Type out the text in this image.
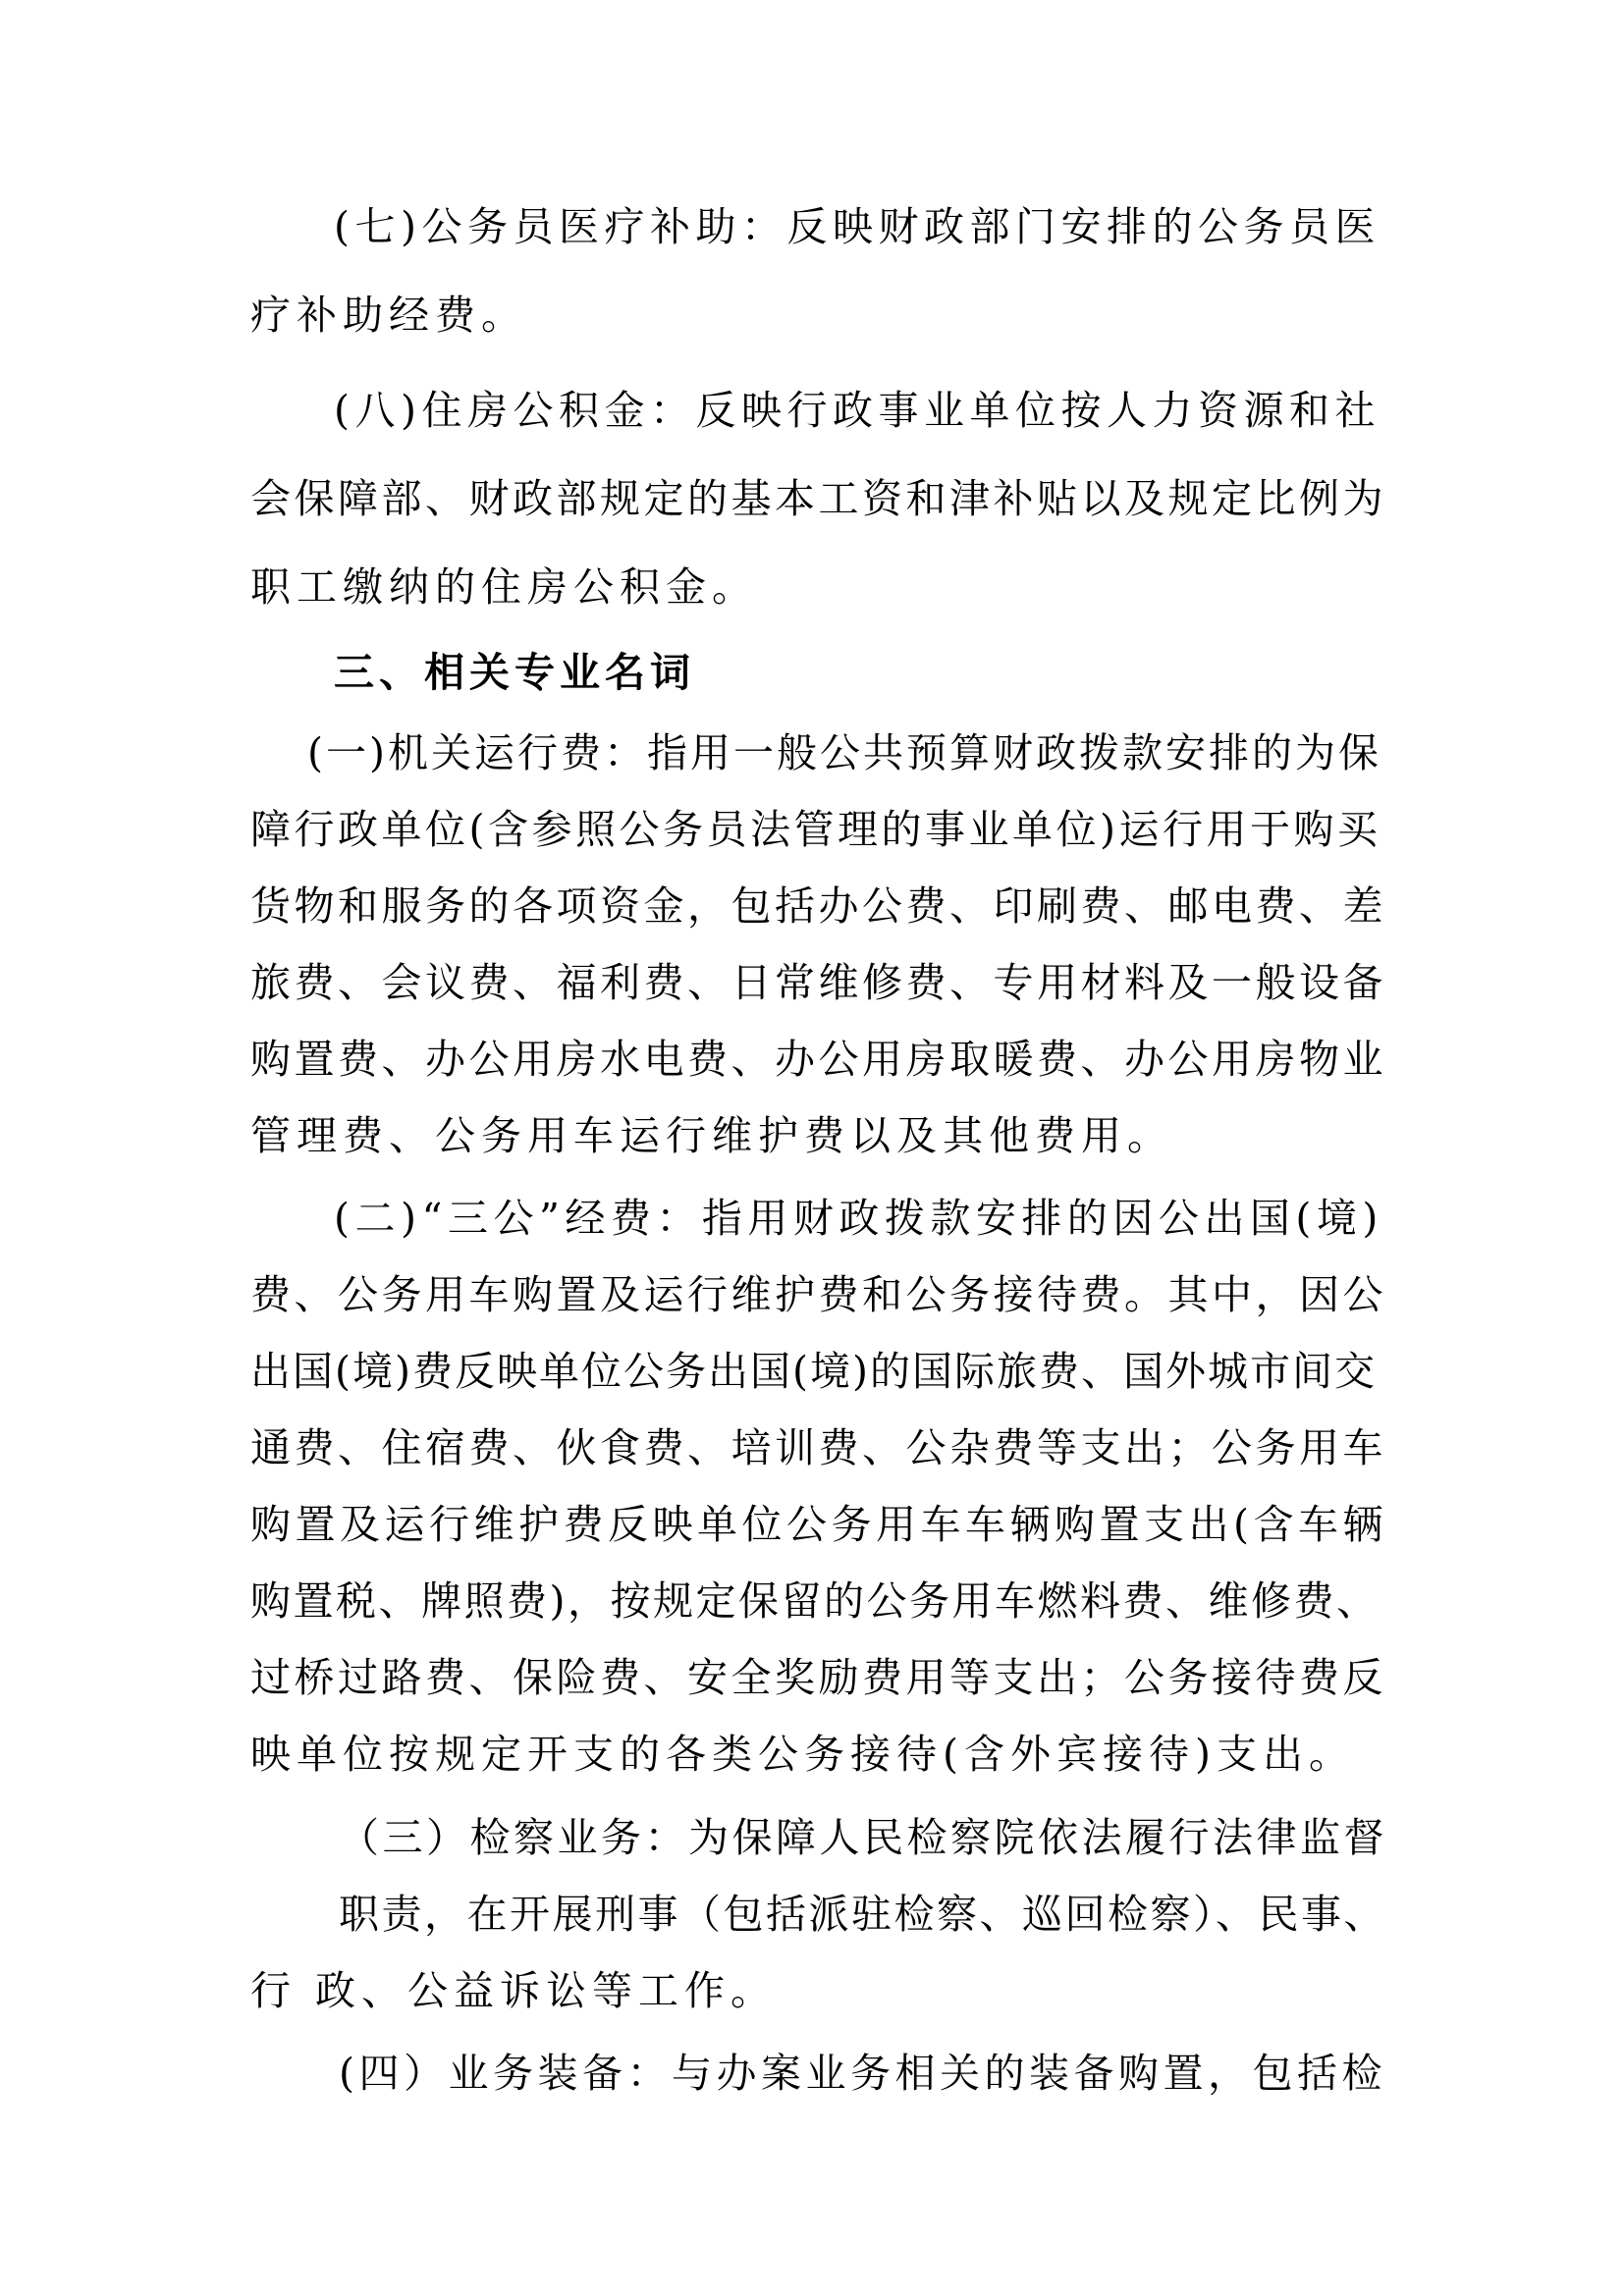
(七)公务员医疗补助：反映财政部门安排的公务员医

疗补助经费。

(八)住房公积金：反映行政事业单位按人力资源和社

会保障部、财政部规定的基本工资和津补贴以及规定比例为

职工缴纳的住房公积金。

三、相关专业名词

(一)机关运行费：指用一般公共预算财政拨款安排的为保

障行政单位(含参照公务员法管理的事业单位)运行用于购买

货物和服务的各项资金，包括办公费、印刷费、邮电费、差

旅费、会议费、福利费、日常维修费、专用材料及一般设备

购置费、办公用房水电费、办公用房取暖费、办公用房物业

管理费、公务用车运行维护费以及其他费用。

(二)“三公”经费：指用财政拨款安排的因公出国(境)

费、公务用车购置及运行维护费和公务接待费。其中，因公

出国(境)费反映单位公务出国(境)的国际旅费、国外城市间交

通费、住宿费、伙食费、培训费、公杂费等支出；公务用车

购置及运行维护费反映单位公务用车车辆购置支出(含车辆

购置税、牌照费)，按规定保留的公务用车燃料费、维修费、

过桥过路费、保险费、安全奖励费用等支出；公务接待费反

映单位按规定开支的各类公务接待(含外宾接待)支出。

（三）检察业务：为保障人民检察院依法履行法律监督

职责，在开展刑事（包括派驻检察、巡回检察）、民事、

行 政、公益诉讼等工作。

(四）业务装备：与办案业务相关的装备购置，包括检
